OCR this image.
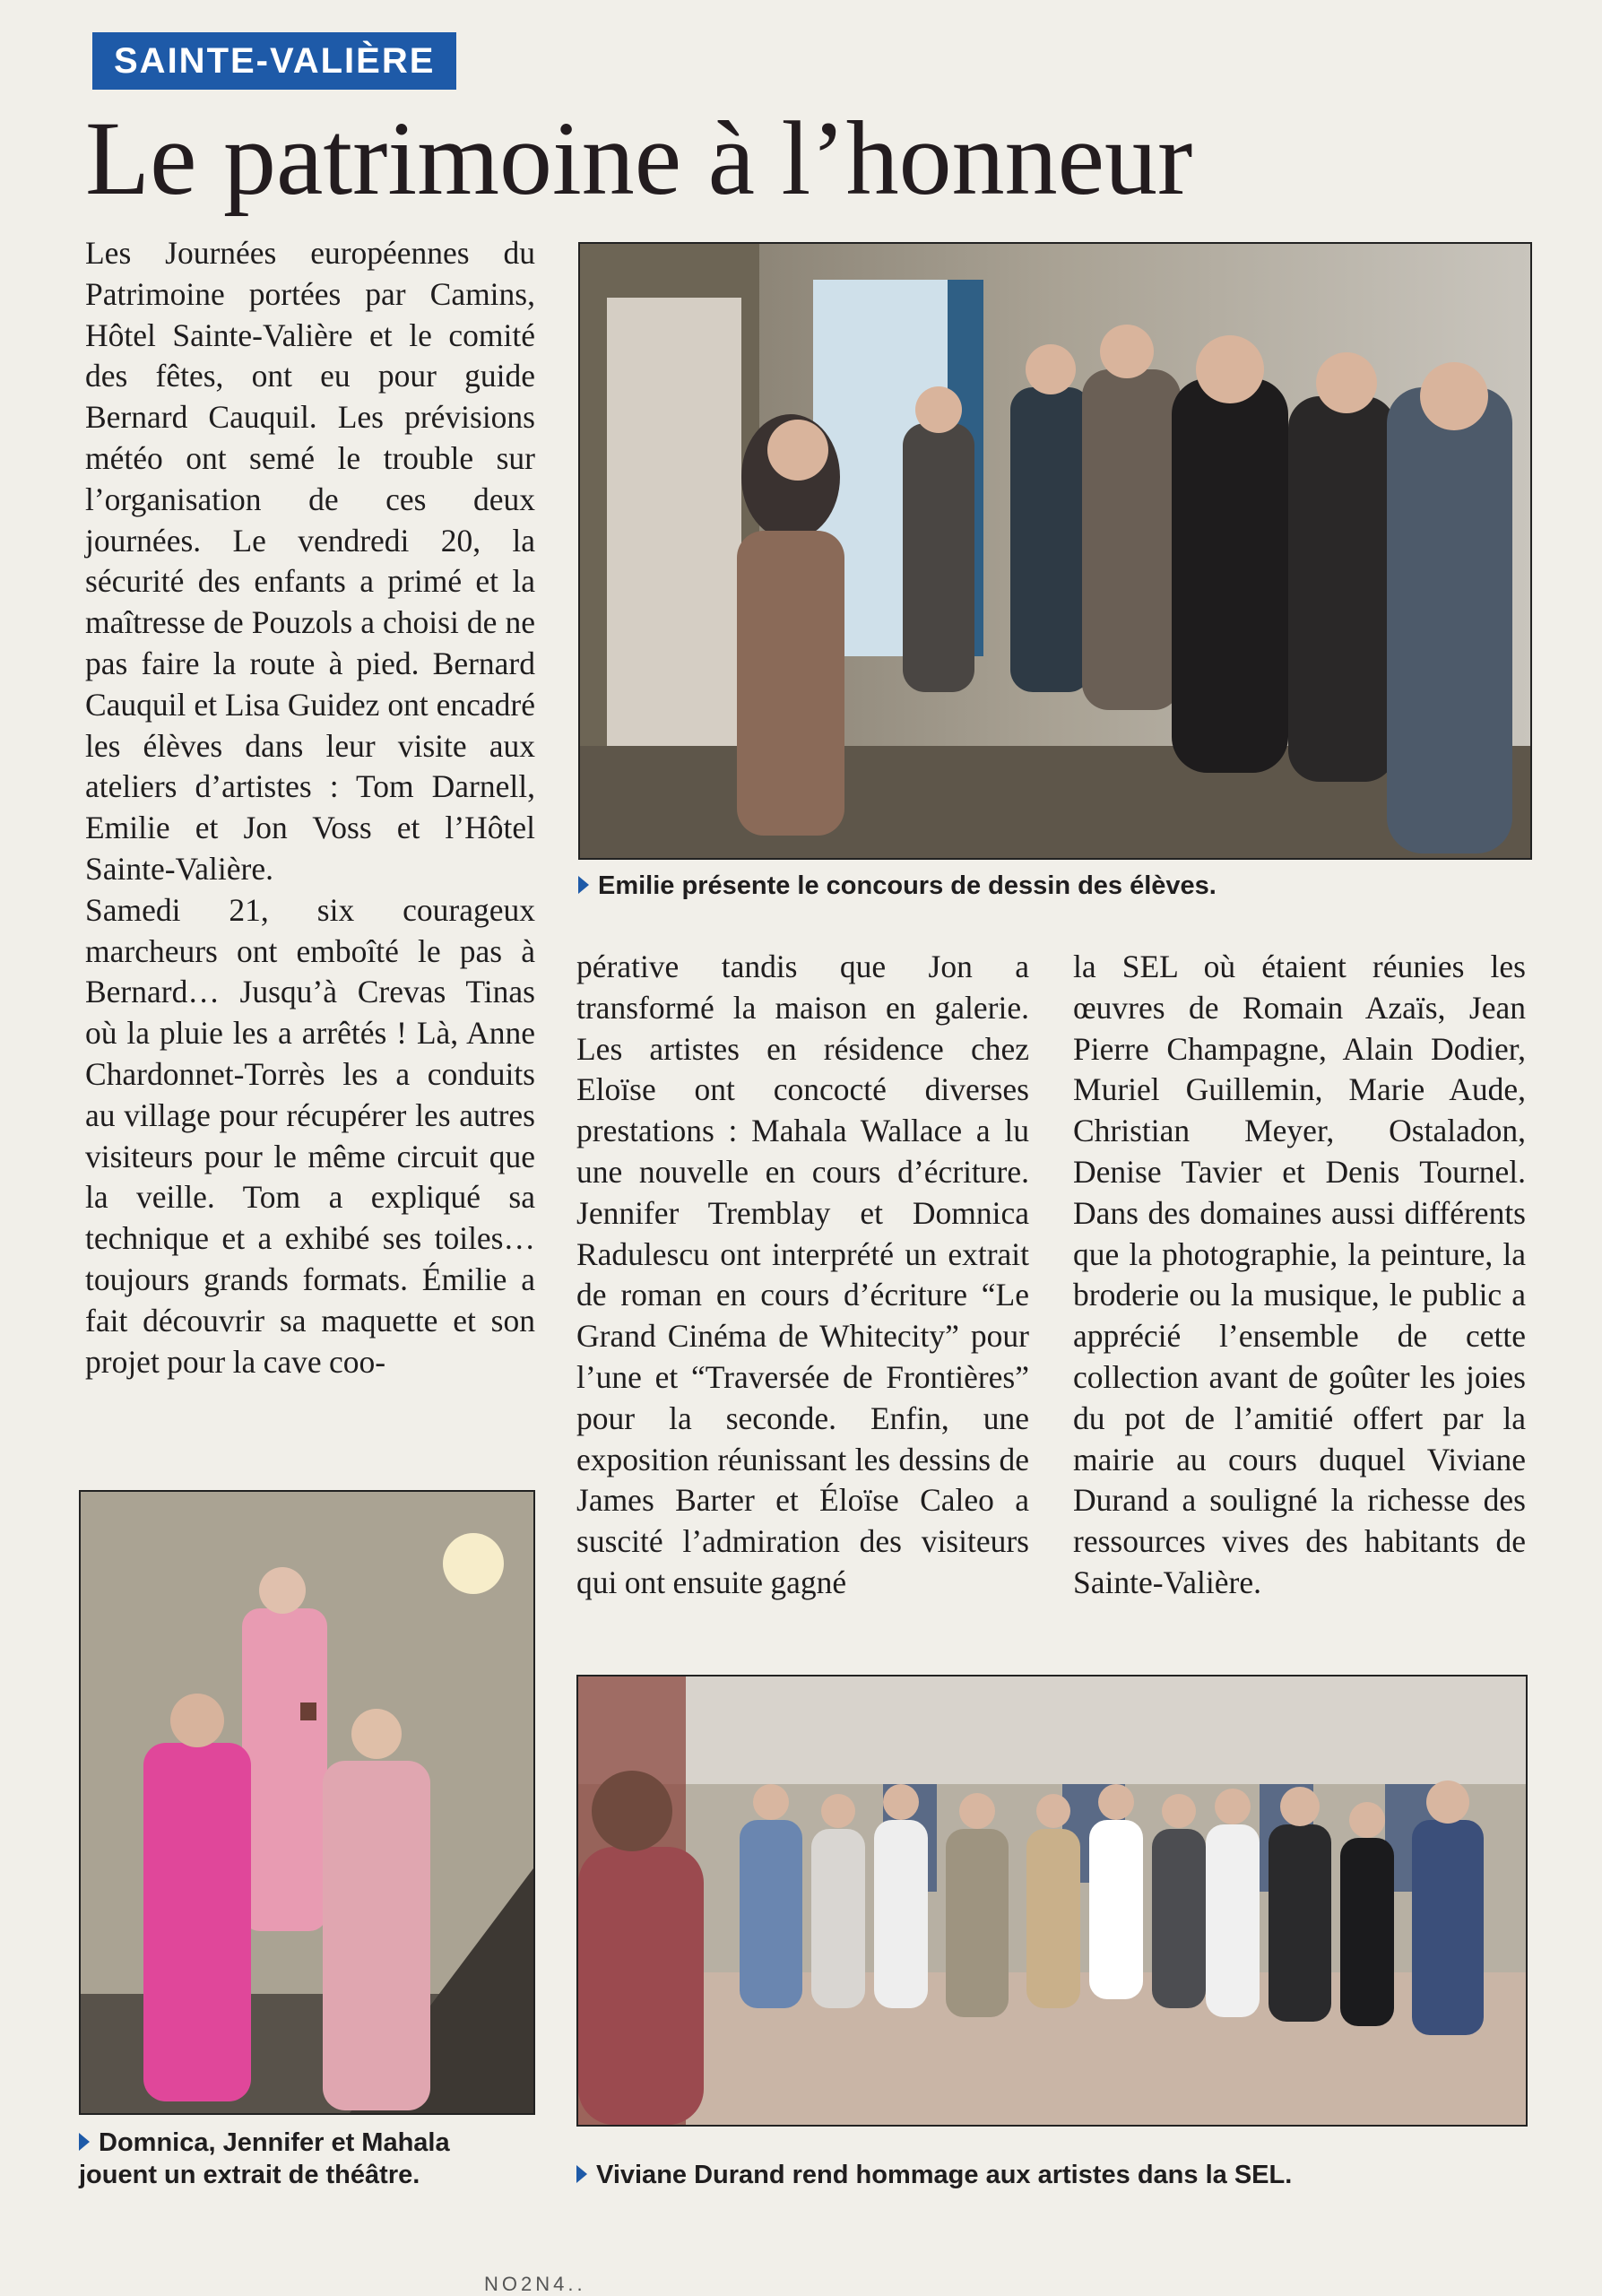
SAINTE-VALIÈRE
Le patrimoine à l’honneur

Les Journées européennes du Patrimoine portées par Camins, Hôtel Sainte-Valière et le comité des fêtes, ont eu pour guide Bernard Cauquil. Les prévisions météo ont semé le trouble sur l’organisation de ces deux journées. Le vendredi 20, la sécurité des enfants a primé et la maîtresse de Pouzols a choisi de ne pas faire la route à pied. Bernard Cauquil et Lisa Guidez ont encadré les élèves dans leur visite aux ateliers d’artistes : Tom Darnell, Emilie et Jon Voss et l’Hôtel Sainte-Valière.

Samedi 21, six courageux marcheurs ont emboîté le pas à Bernard… Jusqu’à Crevas Tinas où la pluie les a arrêtés ! Là, Anne Chardonnet-Torrès les a conduits au village pour récupérer les autres visiteurs pour le même circuit que la veille. Tom a expliqué sa technique et a exhibé ses toiles… toujours grands formats. Émilie a fait découvrir sa maquette et son projet pour la cave coo-

Emilie présente le concours de dessin des élèves.

pérative tandis que Jon a transformé la maison en galerie. Les artistes en résidence chez Eloïse ont concocté diverses prestations : Mahala Wallace a lu une nouvelle en cours d’écriture. Jennifer Tremblay et Domnica Radulescu ont interprété un extrait de roman en cours d’écriture “Le Grand Cinéma de Whitecity” pour l’une et “Traversée de Frontières” pour la seconde. Enfin, une exposition réunissant les dessins de James Barter et Éloïse Caleo a suscité l’admiration des visiteurs qui ont ensuite gagné

la SEL où étaient réunies les œuvres de Romain Azaïs, Jean Pierre Champagne, Alain Dodier, Muriel Guillemin, Marie Aude, Christian Meyer, Ostaladon, Denise Tavier et Denis Tournel. Dans des domaines aussi différents que la photographie, la peinture, la broderie ou la musique, le public a apprécié l’ensemble de cette collection avant de goûter les joies du pot de l’amitié offert par la mairie au cours duquel Viviane Durand a souligné la richesse des ressources vives des habitants de Sainte-Valière.

Domnica, Jennifer et Mahala
jouent un extrait de théâtre.	Viviane Durand rend hommage aux artistes dans la SEL.
NO2N4..
